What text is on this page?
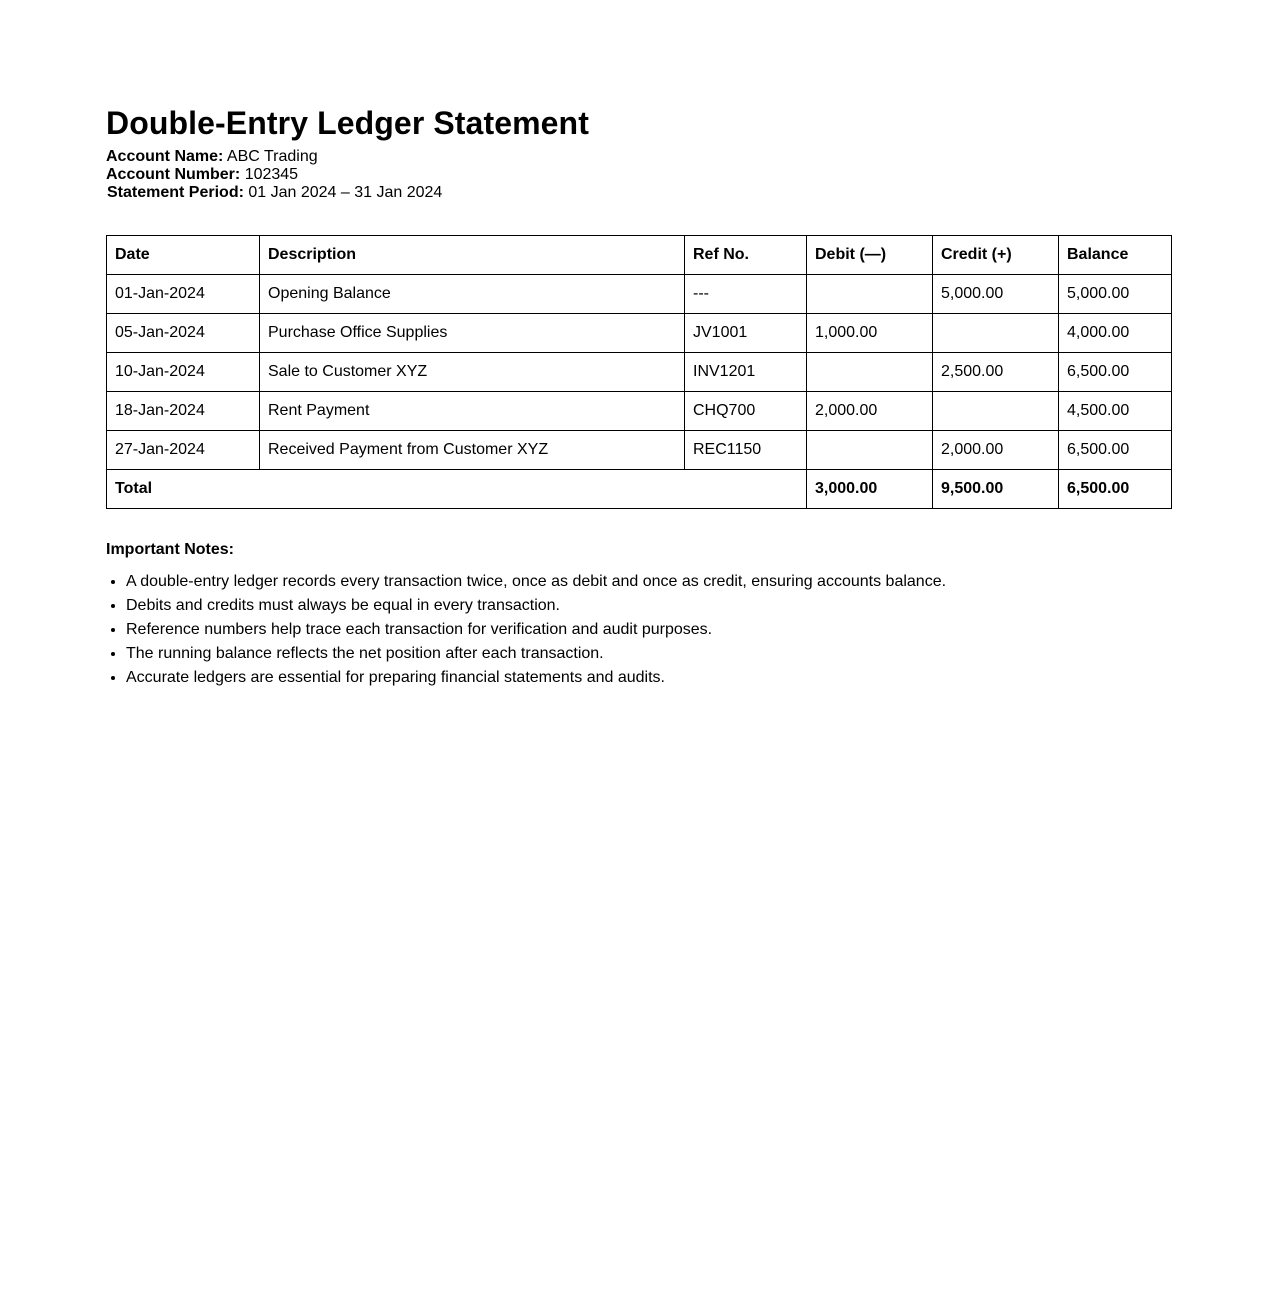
Double-Entry Ledger Statement
Account Name: ABC Trading
Account Number: 102345
Statement Period: 01 Jan 2024 – 31 Jan 2024
Date	Description	Ref No.	Debit (—)	Credit (+)	Balance
01-Jan-2024	Opening Balance	---		5,000.00	5,000.00
05-Jan-2024	Purchase Office Supplies	JV1001	1,000.00		4,000.00
10-Jan-2024	Sale to Customer XYZ	INV1201		2,500.00	6,500.00
18-Jan-2024	Rent Payment	CHQ700	2,000.00		4,500.00
27-Jan-2024	Received Payment from Customer XYZ	REC1150		2,000.00	6,500.00
Total			3,000.00	9,500.00	6,500.00
Important Notes:
• A double-entry ledger records every transaction twice, once as debit and once as credit, ensuring accounts balance.
• Debits and credits must always be equal in every transaction.
• Reference numbers help trace each transaction for verification and audit purposes.
• The running balance reflects the net position after each transaction.
• Accurate ledgers are essential for preparing financial statements and audits.
